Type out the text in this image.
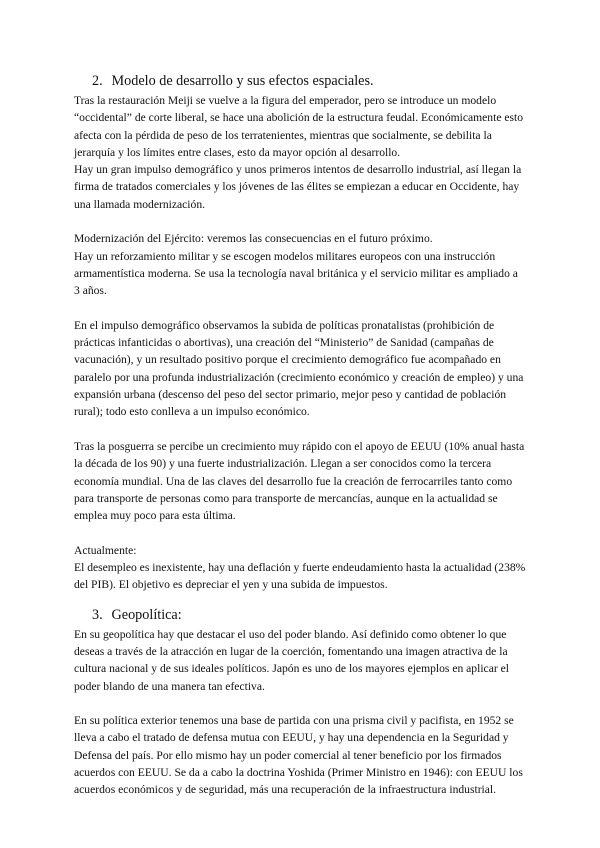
2. Modelo de desarrollo y sus efectos espaciales.

Tras la restauración Meiji se vuelve a la figura del emperador, pero se introduce un modelo “occidental” de corte liberal, se hace una abolición de la estructura feudal. Económicamente esto afecta con la pérdida de peso de los terratenientes, mientras que socialmente, se debilita la jerarquía y los límites entre clases, esto da mayor opción al desarrollo.

Hay un gran impulso demográfico y unos primeros intentos de desarrollo industrial, así llegan la firma de tratados comerciales y los jóvenes de las élites se empiezan a educar en Occidente, hay una llamada modernización.

Modernización del Ejército: veremos las consecuencias en el futuro próximo.

Hay un reforzamiento militar y se escogen modelos militares europeos con una instrucción armamentística moderna. Se usa la tecnología naval británica y el servicio militar es ampliado a 3 años.

En el impulso demográfico observamos la subida de políticas pronatalistas (prohibición de prácticas infanticidas o abortivas), una creación del “Ministerio” de Sanidad (campañas de vacunación), y un resultado positivo porque el crecimiento demográfico fue acompañado en paralelo por una profunda industrialización (crecimiento económico y creación de empleo) y una expansión urbana (descenso del peso del sector primario, mejor peso y cantidad de población rural); todo esto conlleva a un impulso económico.

Tras la posguerra se percibe un crecimiento muy rápido con el apoyo de EEUU (10% anual hasta la década de los 90) y una fuerte industrialización. Llegan a ser conocidos como la tercera economía mundial. Una de las claves del desarrollo fue la creación de ferrocarriles tanto como para transporte de personas como para transporte de mercancías, aunque en la actualidad se emplea muy poco para esta última.

Actualmente:

El desempleo es inexistente, hay una deflación y fuerte endeudamiento hasta la actualidad (238% del PIB). El objetivo es depreciar el yen y una subida de impuestos.

3. Geopolítica:

En su geopolítica hay que destacar el uso del poder blando. Así definido como obtener lo que deseas a través de la atracción en lugar de la coerción, fomentando una imagen atractiva de la cultura nacional y de sus ideales políticos. Japón es uno de los mayores ejemplos en aplicar el poder blando de una manera tan efectiva.

En su política exterior tenemos una base de partida con una prisma civil y pacifista, en 1952 se lleva a cabo el tratado de defensa mutua con EEUU, y hay una dependencia en la Seguridad y Defensa del país. Por ello mismo hay un poder comercial al tener beneficio por los firmados acuerdos con EEUU. Se da a cabo la doctrina Yoshida (Primer Ministro en 1946): con EEUU los acuerdos económicos y de seguridad, más una recuperación de la infraestructura industrial.
